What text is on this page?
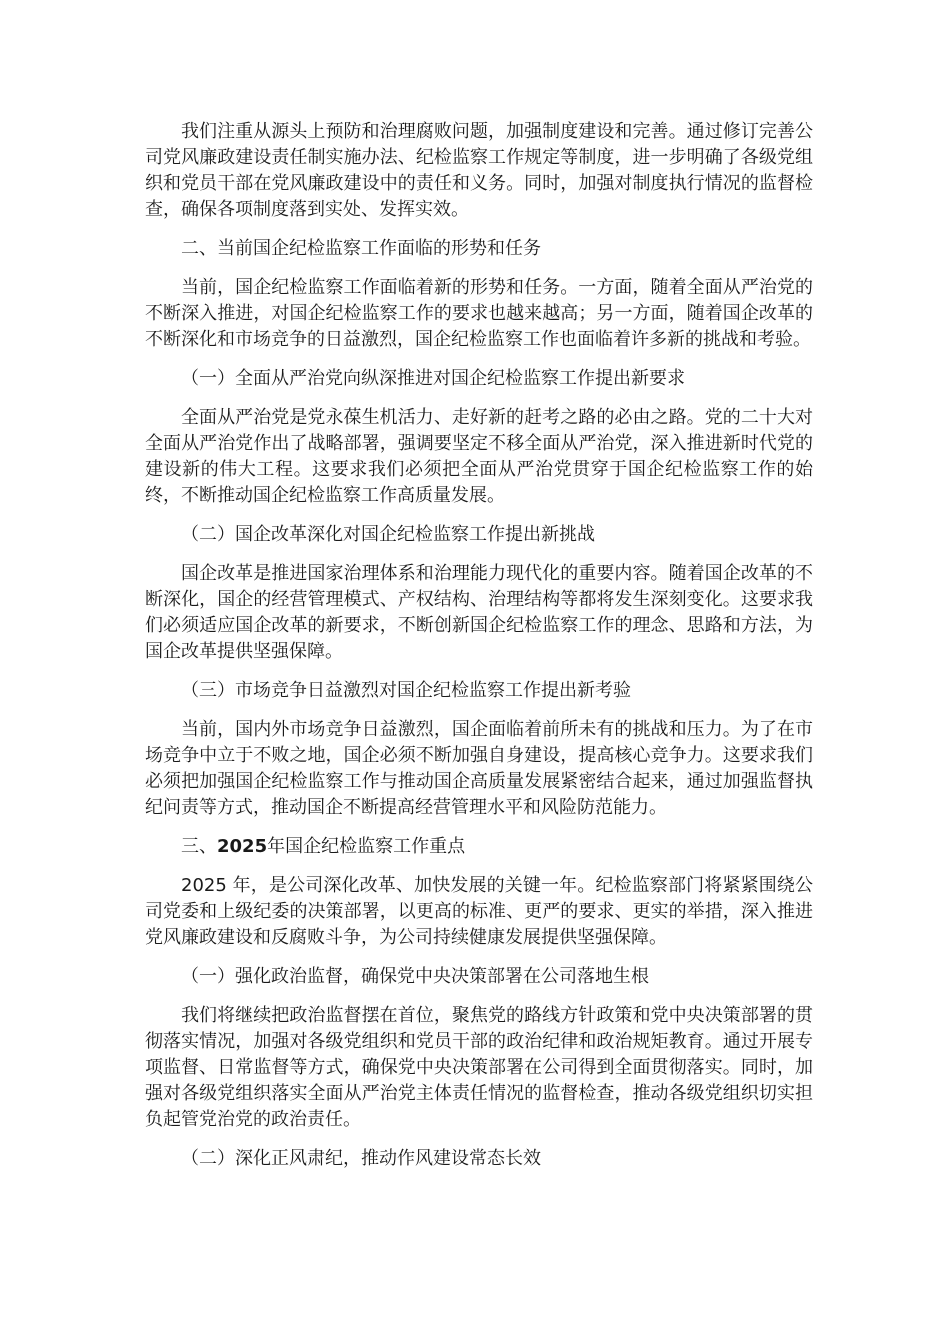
我们注重从源头上预防和治理腐败问题，加强制度建设和完善。通过修订完善公司党风廉政建设责任制实施办法、纪检监察工作规定等制度，进一步明确了各级党组织和党员干部在党风廉政建设中的责任和义务。同时，加强对制度执行情况的监督检查，确保各项制度落到实处、发挥实效。

二、当前国企纪检监察工作面临的形势和任务

当前，国企纪检监察工作面临着新的形势和任务。一方面，随着全面从严治党的不断深入推进，对国企纪检监察工作的要求也越来越高；另一方面，随着国企改革的不断深化和市场竞争的日益激烈，国企纪检监察工作也面临着许多新的挑战和考验。

（一）全面从严治党向纵深推进对国企纪检监察工作提出新要求

全面从严治党是党永葆生机活力、走好新的赶考之路的必由之路。党的二十大对全面从严治党作出了战略部署，强调要坚定不移全面从严治党，深入推进新时代党的建设新的伟大工程。这要求我们必须把全面从严治党贯穿于国企纪检监察工作的始终，不断推动国企纪检监察工作高质量发展。

（二）国企改革深化对国企纪检监察工作提出新挑战

国企改革是推进国家治理体系和治理能力现代化的重要内容。随着国企改革的不断深化，国企的经营管理模式、产权结构、治理结构等都将发生深刻变化。这要求我们必须适应国企改革的新要求，不断创新国企纪检监察工作的理念、思路和方法，为国企改革提供坚强保障。

（三）市场竞争日益激烈对国企纪检监察工作提出新考验

当前，国内外市场竞争日益激烈，国企面临着前所未有的挑战和压力。为了在市场竞争中立于不败之地，国企必须不断加强自身建设，提高核心竞争力。这要求我们必须把加强国企纪检监察工作与推动国企高质量发展紧密结合起来，通过加强监督执纪问责等方式，推动国企不断提高经营管理水平和风险防范能力。

三、2025年国企纪检监察工作重点

2025 年，是公司深化改革、加快发展的关键一年。纪检监察部门将紧紧围绕公司党委和上级纪委的决策部署，以更高的标准、更严的要求、更实的举措，深入推进党风廉政建设和反腐败斗争，为公司持续健康发展提供坚强保障。

（一）强化政治监督，确保党中央决策部署在公司落地生根

我们将继续把政治监督摆在首位，聚焦党的路线方针政策和党中央决策部署的贯彻落实情况，加强对各级党组织和党员干部的政治纪律和政治规矩教育。通过开展专项监督、日常监督等方式，确保党中央决策部署在公司得到全面贯彻落实。同时，加强对各级党组织落实全面从严治党主体责任情况的监督检查，推动各级党组织切实担负起管党治党的政治责任。

（二）深化正风肃纪，推动作风建设常态长效
